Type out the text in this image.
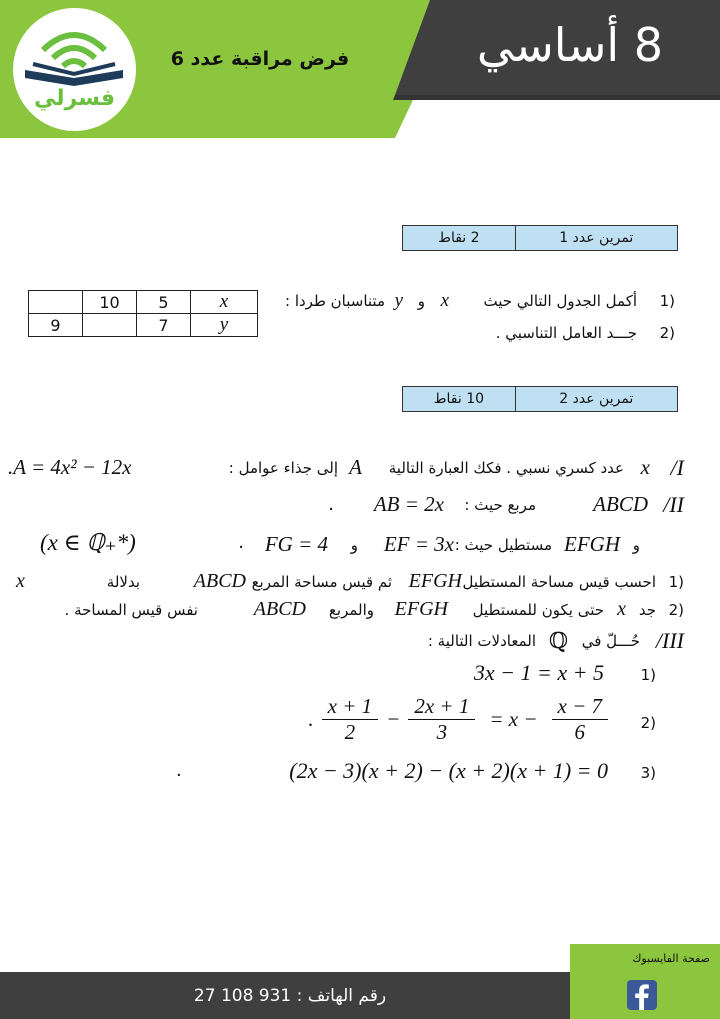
فسرلي
فرض مراقبة عدد 6	8 أساسي
2 نقاط	تمرين عدد 1
	10	5	x
9		7	y
1)
أكمل الجدول التالي حيث
x
و
y
متناسبان طردا :
2)
جـــد العامل التناسبي .
10 نقاط	تمرين عدد 2
/I
x
عدد كسري نسبي . فكك العبارة التالية
A
إلى جذاء عوامل :
.A = 4x² − 12x
/II
ABCD
مربع حيث :
AB = 2x
.
و
EFGH
مستطيل حيث :
EF = 3x
و
FG = 4
.
(x ∈ ℚ₊*)
1)
احسب قيس مساحة المستطيل
EFGH
ثم قيس مساحة المربع
ABCD
بدلالة
x
2)
جد
x
حتى يكون للمستطيل
EFGH
والمربع
ABCD
نفس قيس المساحة .
/III
حُـــلّ في
ℚ
المعادلات التالية :
1)
3x − 1 = x + 5
2)
. $\frac{x + 1}{2} - \frac{2x + 1}{3} = x - \frac{x - 7}{6}$
3)
(2x − 3)(x + 2) − (x + 2)(x + 1) = 0
.
صفحة الفايسبوك
رقم الهاتف : 931 108 27
